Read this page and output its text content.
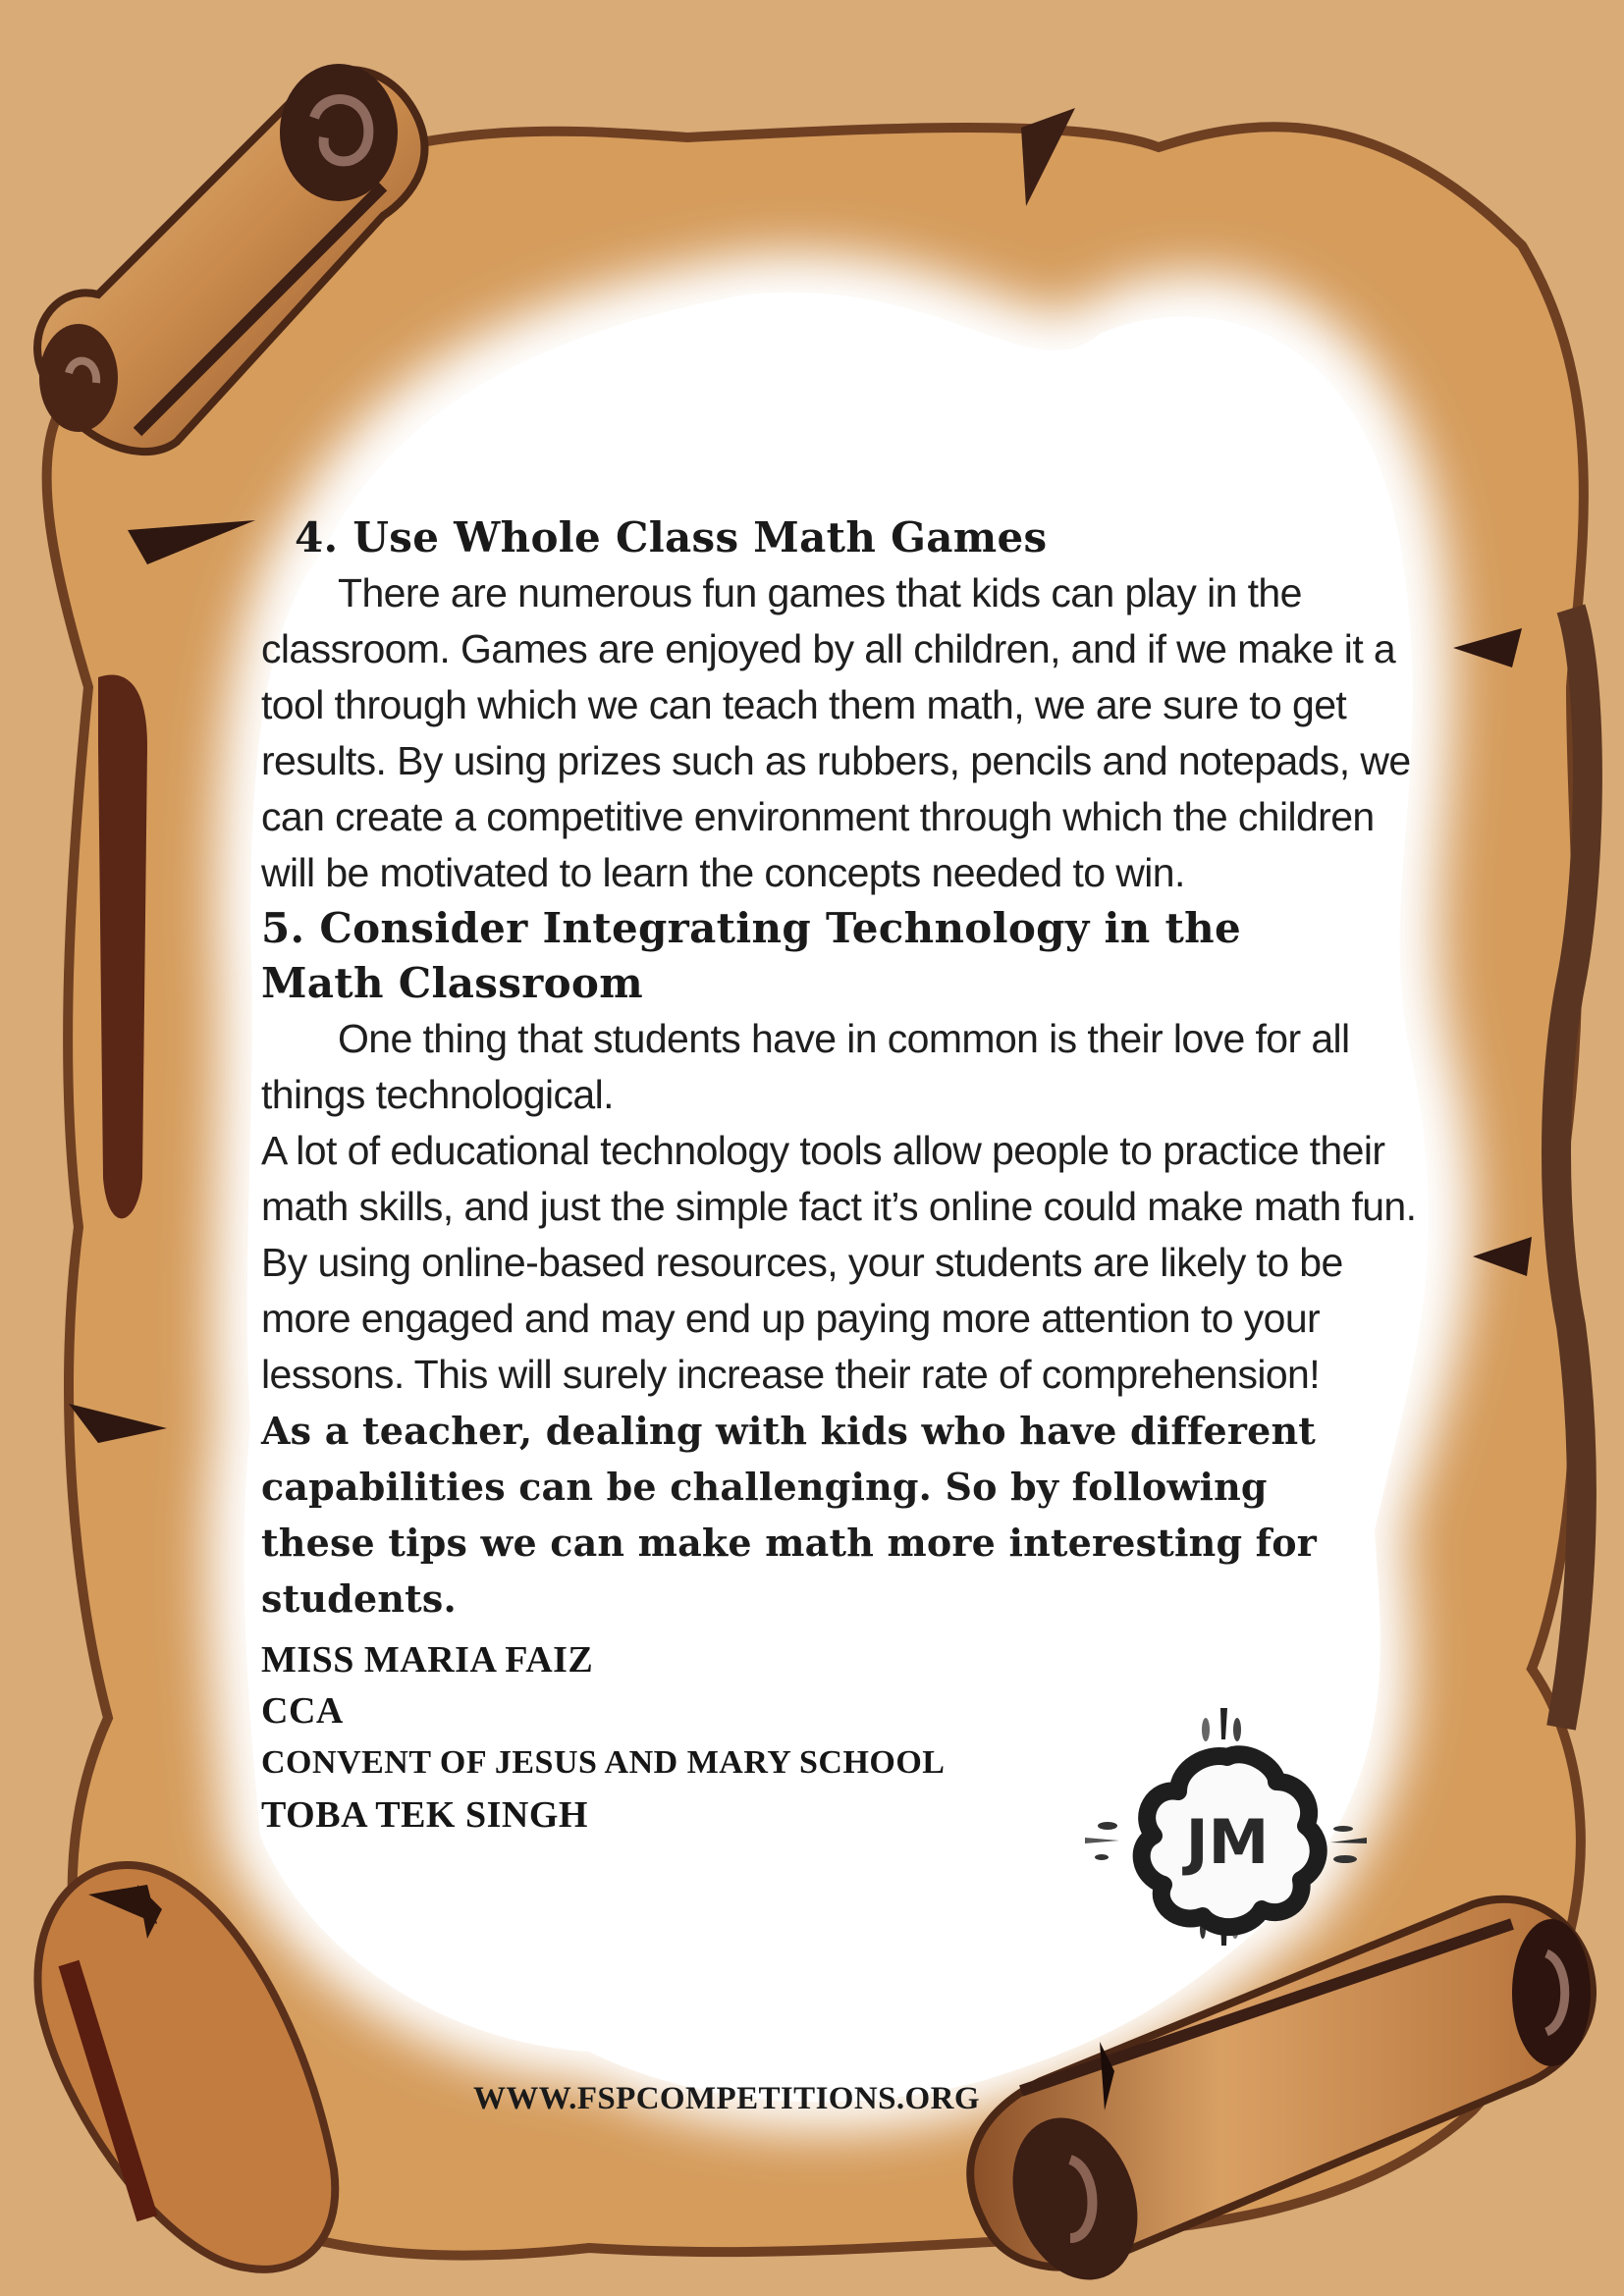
4. Use Whole Class Math Games

There are numerous fun games that kids can play in the classroom. Games are enjoyed by all children, and if we make it a tool through which we can teach them math, we are sure to get results. By using prizes such as rubbers, pencils and notepads, we can create a competitive environment through which the children will be motivated to learn the concepts needed to win.

5. Consider Integrating Technology in the Math Classroom

One thing that students have in common is their love for all things technological.

A lot of educational technology tools allow people to practice their math skills, and just the simple fact it’s online could make math fun. By using online-based resources, your students are likely to be more engaged and may end up paying more attention to your lessons. This will surely increase their rate of comprehension!

As a teacher, dealing with kids who have different capabilities can be challenging. So by following these tips we can make math more interesting for students.

MISS MARIA FAIZ
CCA
CONVENT OF JESUS AND MARY SCHOOL
TOBA TEK SINGH	JM
WWW.FSPCOMPETITIONS.ORG
